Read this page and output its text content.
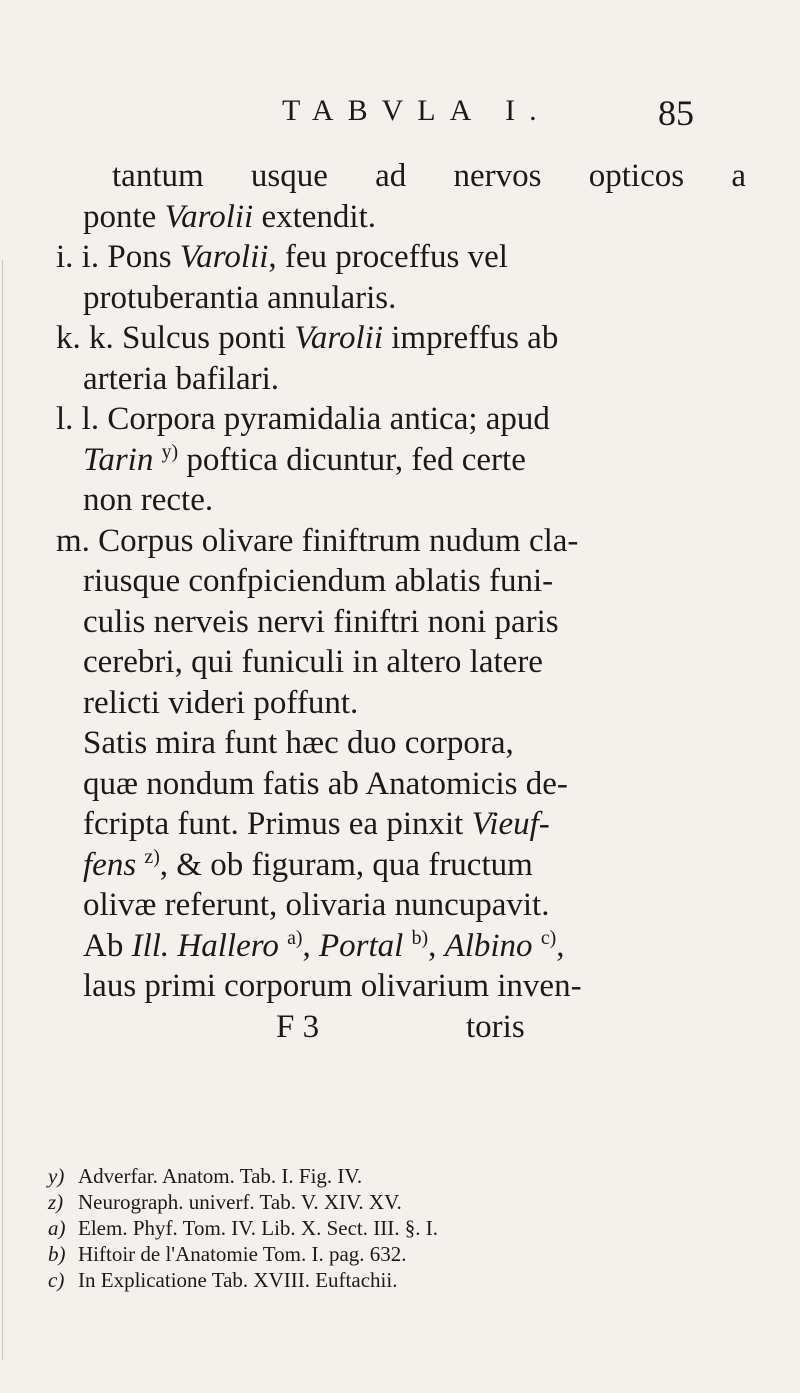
TABVLA I.	85
tantum usque ad nervos opticos a
ponte Varolii extendit.
i. i. Pons Varolii, feu proceffus vel
protuberantia annularis.
k. k. Sulcus ponti Varolii impreffus ab
arteria bafilari.
l. l. Corpora pyramidalia antica; apud
Tarin $^{y)}$ poftica dicuntur, fed certe
non recte.
m. Corpus olivare finiftrum nudum cla-
riusque confpiciendum ablatis funi-
culis nerveis nervi finiftri noni paris
cerebri, qui funiculi in altero latere
relicti videri poffunt.
Satis mira funt hæc duo corpora,
quæ nondum fatis ab Anatomicis de-
fcripta funt. Primus ea pinxit Vieuf-
fens $^{z)}$, & ob figuram, qua fructum
olivæ referunt, olivaria nuncupavit.
Ab Ill. Hallero $^{a)}$, Portal $^{b)}$, Albino $^{c)}$,
laus primi corporum olivarium inven-
F 3	toris
y) Adverfar. Anatom. Tab. I. Fig. IV.
z) Neurograph. univerf. Tab. V. XIV. XV.
a) Elem. Phyf. Tom. IV. Lib. X. Sect. III. §. I.
b) Hiftoir de l'Anatomie Tom. I. pag. 632.
c) In Explicatione Tab. XVIII. Euftachii.
